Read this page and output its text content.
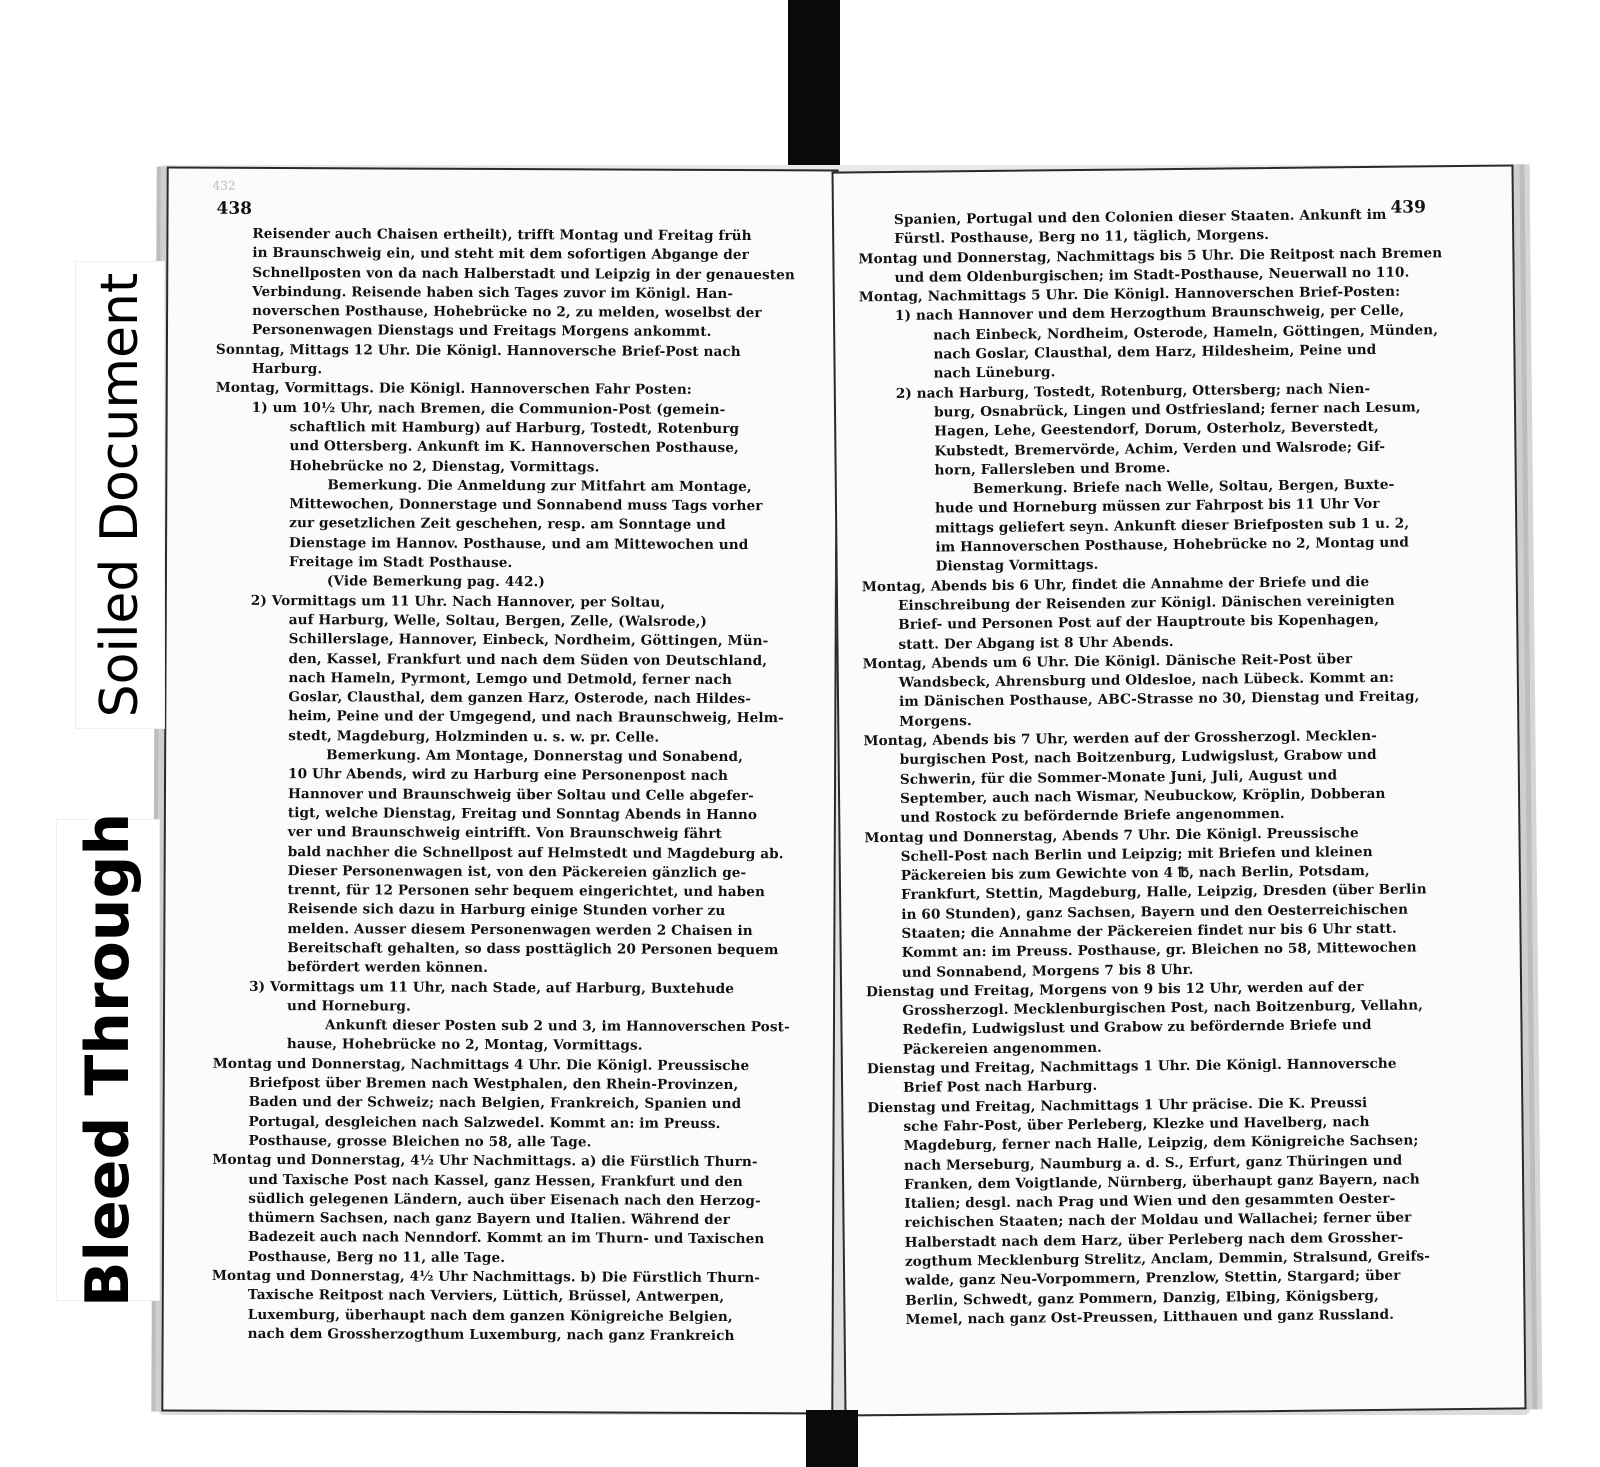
432
438
Reisender auch Chaisen ertheilt), trifft Montag und Freitag früh
in Braunschweig ein, und steht mit dem sofortigen Abgange der
Schnellposten von da nach Halberstadt und Leipzig in der genauesten
Verbindung. Reisende haben sich Tages zuvor im Königl. Han-
noverschen Posthause, Hohebrücke no 2, zu melden, woselbst der
Personenwagen Dienstags und Freitags Morgens ankommt.
Sonntag, Mittags 12 Uhr. Die Königl. Hannoversche Brief-Post nach
Harburg.
Montag, Vormittags. Die Königl. Hannoverschen Fahr Posten:
1) um 10½ Uhr, nach Bremen, die Communion-Post (gemein-
schaftlich mit Hamburg) auf Harburg, Tostedt, Rotenburg
und Ottersberg. Ankunft im K. Hannoverschen Posthause,
Hohebrücke no 2, Dienstag, Vormittags.
Bemerkung. Die Anmeldung zur Mitfahrt am Montage,
Mittewochen, Donnerstage und Sonnabend muss Tags vorher
zur gesetzlichen Zeit geschehen, resp. am Sonntage und
Dienstage im Hannov. Posthause, und am Mittewochen und
Freitage im Stadt Posthause.
(Vide Bemerkung pag. 442.)
2) Vormittags um 11 Uhr. Nach Hannover, per Soltau,
auf Harburg, Welle, Soltau, Bergen, Zelle, (Walsrode,)
Schillerslage, Hannover, Einbeck, Nordheim, Göttingen, Mün-
den, Kassel, Frankfurt und nach dem Süden von Deutschland,
nach Hameln, Pyrmont, Lemgo und Detmold, ferner nach
Goslar, Clausthal, dem ganzen Harz, Osterode, nach Hildes-
heim, Peine und der Umgegend, und nach Braunschweig, Helm-
stedt, Magdeburg, Holzminden u. s. w. pr. Celle.
Bemerkung. Am Montage, Donnerstag und Sonabend,
10 Uhr Abends, wird zu Harburg eine Personenpost nach
Hannover und Braunschweig über Soltau und Celle abgefer-
tigt, welche Dienstag, Freitag und Sonntag Abends in Hanno
ver und Braunschweig eintrifft. Von Braunschweig fährt
bald nachher die Schnellpost auf Helmstedt und Magdeburg ab.
Dieser Personenwagen ist, von den Päckereien gänzlich ge-
trennt, für 12 Personen sehr bequem eingerichtet, und haben
Reisende sich dazu in Harburg einige Stunden vorher zu
melden. Ausser diesem Personenwagen werden 2 Chaisen in
Bereitschaft gehalten, so dass posttäglich 20 Personen bequem
befördert werden können.
3) Vormittags um 11 Uhr, nach Stade, auf Harburg, Buxtehude
und Horneburg.
Ankunft dieser Posten sub 2 und 3, im Hannoverschen Post-
hause, Hohebrücke no 2, Montag, Vormittags.
Montag und Donnerstag, Nachmittags 4 Uhr. Die Königl. Preussische
Briefpost über Bremen nach Westphalen, den Rhein-Provinzen,
Baden und der Schweiz; nach Belgien, Frankreich, Spanien und
Portugal, desgleichen nach Salzwedel. Kommt an: im Preuss.
Posthause, grosse Bleichen no 58, alle Tage.
Montag und Donnerstag, 4½ Uhr Nachmittags. a) die Fürstlich Thurn-
und Taxische Post nach Kassel, ganz Hessen, Frankfurt und den
südlich gelegenen Ländern, auch über Eisenach nach den Herzog-
thümern Sachsen, nach ganz Bayern und Italien. Während der
Badezeit auch nach Nenndorf. Kommt an im Thurn- und Taxischen
Posthause, Berg no 11, alle Tage.
Montag und Donnerstag, 4½ Uhr Nachmittags. b) Die Fürstlich Thurn-
Taxische Reitpost nach Verviers, Lüttich, Brüssel, Antwerpen,
Luxemburg, überhaupt nach dem ganzen Königreiche Belgien,
nach dem Grossherzogthum Luxemburg, nach ganz Frankreich
439
Spanien, Portugal und den Colonien dieser Staaten. Ankunft im
Fürstl. Posthause, Berg no 11, täglich, Morgens.
Montag und Donnerstag, Nachmittags bis 5 Uhr. Die Reitpost nach Bremen
und dem Oldenburgischen; im Stadt-Posthause, Neuerwall no 110.
Montag, Nachmittags 5 Uhr. Die Königl. Hannoverschen Brief-Posten:
1) nach Hannover und dem Herzogthum Braunschweig, per Celle,
nach Einbeck, Nordheim, Osterode, Hameln, Göttingen, Münden,
nach Goslar, Clausthal, dem Harz, Hildesheim, Peine und
nach Lüneburg.
2) nach Harburg, Tostedt, Rotenburg, Ottersberg; nach Nien-
burg, Osnabrück, Lingen und Ostfriesland; ferner nach Lesum,
Hagen, Lehe, Geestendorf, Dorum, Osterholz, Beverstedt,
Kubstedt, Bremervörde, Achim, Verden und Walsrode; Gif-
horn, Fallersleben und Brome.
Bemerkung. Briefe nach Welle, Soltau, Bergen, Buxte-
hude und Horneburg müssen zur Fahrpost bis 11 Uhr Vor
mittags geliefert seyn. Ankunft dieser Briefposten sub 1 u. 2,
im Hannoverschen Posthause, Hohebrücke no 2, Montag und
Dienstag Vormittags.
Montag, Abends bis 6 Uhr, findet die Annahme der Briefe und die
Einschreibung der Reisenden zur Königl. Dänischen vereinigten
Brief- und Personen Post auf der Hauptroute bis Kopenhagen,
statt. Der Abgang ist 8 Uhr Abends.
Montag, Abends um 6 Uhr. Die Königl. Dänische Reit-Post über
Wandsbeck, Ahrensburg und Oldesloe, nach Lübeck. Kommt an:
im Dänischen Posthause, ABC-Strasse no 30, Dienstag und Freitag,
Morgens.
Montag, Abends bis 7 Uhr, werden auf der Grossherzogl. Mecklen-
burgischen Post, nach Boitzenburg, Ludwigslust, Grabow und
Schwerin, für die Sommer-Monate Juni, Juli, August und
September, auch nach Wismar, Neubuckow, Kröplin, Dobberan
und Rostock zu befördernde Briefe angenommen.
Montag und Donnerstag, Abends 7 Uhr. Die Königl. Preussische
Schell-Post nach Berlin und Leipzig; mit Briefen und kleinen
Päckereien bis zum Gewichte von 4 ℔, nach Berlin, Potsdam,
Frankfurt, Stettin, Magdeburg, Halle, Leipzig, Dresden (über Berlin
in 60 Stunden), ganz Sachsen, Bayern und den Oesterreichischen
Staaten; die Annahme der Päckereien findet nur bis 6 Uhr statt.
Kommt an: im Preuss. Posthause, gr. Bleichen no 58, Mittewochen
und Sonnabend, Morgens 7 bis 8 Uhr.
Dienstag und Freitag, Morgens von 9 bis 12 Uhr, werden auf der
Grossherzogl. Mecklenburgischen Post, nach Boitzenburg, Vellahn,
Redefin, Ludwigslust und Grabow zu befördernde Briefe und
Päckereien angenommen.
Dienstag und Freitag, Nachmittags 1 Uhr. Die Königl. Hannoversche
Brief Post nach Harburg.
Dienstag und Freitag, Nachmittags 1 Uhr präcise. Die K. Preussi
sche Fahr-Post, über Perleberg, Klezke und Havelberg, nach
Magdeburg, ferner nach Halle, Leipzig, dem Königreiche Sachsen;
nach Merseburg, Naumburg a. d. S., Erfurt, ganz Thüringen und
Franken, dem Voigtlande, Nürnberg, überhaupt ganz Bayern, nach
Italien; desgl. nach Prag und Wien und den gesammten Oester-
reichischen Staaten; nach der Moldau und Wallachei; ferner über
Halberstadt nach dem Harz, über Perleberg nach dem Grossher-
zogthum Mecklenburg Strelitz, Anclam, Demmin, Stralsund, Greifs-
walde, ganz Neu-Vorpommern, Prenzlow, Stettin, Stargard; über
Berlin, Schwedt, ganz Pommern, Danzig, Elbing, Königsberg,
Memel, nach ganz Ost-Preussen, Litthauen und ganz Russland.
Soiled Document
Bleed Through
